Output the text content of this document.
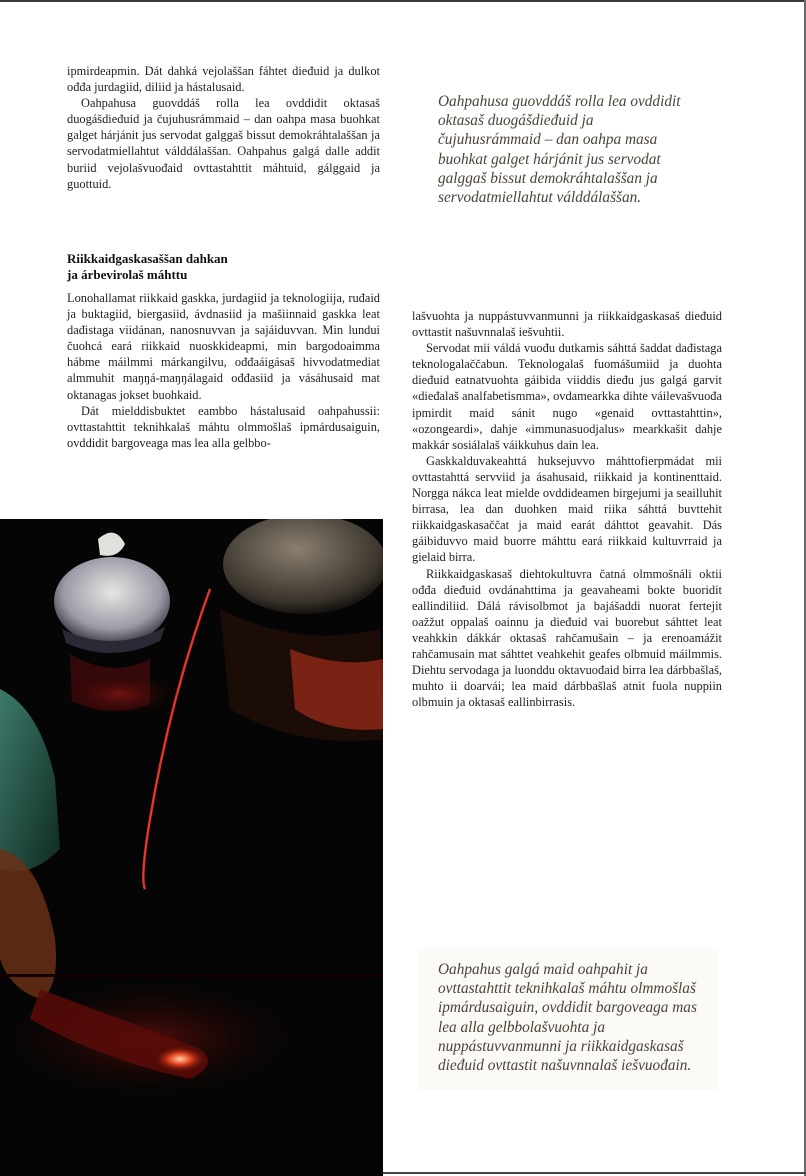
ipmirdeapmin. Dát dahká vejolaššan fáhtet dieđuid ja dulkot ođđa jurdagiid, diliid ja hástalusaid.

Oahpahusa guovddáš rolla lea ovddidit oktasaš duogášdieđuid ja čujuhusrámmaid – dan oahpa masa buohkat galget hárjánit jus servodat galggaš bissut demokráhtalaššan ja servodatmiellahtut válddálaššan. Oahpahus galgá dalle addit buriid vejolašvuođaid ovttastahttit máhtuid, gálggaid ja guottuid.

Oahpahusa guovddáš rolla lea ovddidit oktasaš duogášdieđuid ja čujuhusrámmaid – dan oahpa masa buohkat galget hárjánit jus servodat galggaš bissut demokráhtalaššan ja servodatmiellahtut válddálaššan.

Riikkaidgaskasaššan dahkan
ja árbevirolaš máhttu

Lonohallamat riikkaid gaskka, jurdagiid ja teknologiija, ruđaid ja buktagiid, biergasiid, ávdnasiid ja mašiinnaid gaskka leat dađistaga viidánan, nanosnuvvan ja sajáiduvvan. Min lundui čuohcá eará riikkaid nuoskkideapmi, min bargodoaimma hábme máilmmi márkangilvu, ođđaáigásaš hivvodatmediat almmuhit maŋŋá-maŋŋálagaid ođđasiid ja vásáhusaid mat oktanagas jokset buohkaid.

Dát mielddisbuktet eambbo hástalusaid oahpahussii: ovttastahttit teknihkalaš máhtu olmmošlaš ipmárdusaiguin, ovddidit bargoveaga mas lea alla gelbbo-

lašvuohta ja nuppástuvvanmunni ja riikkaidgaskasaš dieđuid ovttastit našuvnnalaš iešvuhtii.

Servodat mii váldá vuođu dutkamis sáhttá šaddat dađistaga teknologalaččabun. Teknologalaš fuomášumiid ja duohta dieđuid eatnatvuohta gáibida viiddis dieđu jus galgá garvit «dieđalaš analfabetismma», ovdamearkka dihte váilevašvuođa ipmirdit maid sánit nugo «genaid ovttastahttin», «ozongeardi», dahje «immunasuodjalus» mearkkašit dahje makkár sosiálalaš váikkuhus dain lea.

Gaskkalduvakeahttá huksejuvvo máhttofierpmádat mii ovttastahttá servviid ja ásahusaid, riikkaid ja kontinenttaid. Norgga nákca leat mielde ovddideamen birgejumi ja seailluhit birrasa, lea dan duohken maid riika sáhttá buvttehit riikkaidgaskasaččat ja maid earát dáhttot geavahit. Dás gáibiduvvo maid buorre máhttu eará riikkaid kultuvrraid ja gielaid birra.

Riikkaidgaskasaš diehtokultuvra čatná olmmošnáli oktii ođđa dieđuid ovdánahttima ja geavaheami bokte buoridit eallindiliid. Dálá rávisolbmot ja bajášaddi nuorat fertejit oažžut oppalaš oainnu ja dieđuid vai buorebut sáhttet leat veahkkin dákkár oktasaš rahčamušain – ja erenoamážit rahčamusain mat sáhttet veahkehit geafes olbmuid máilmmis. Diehtu servodaga ja luonddu oktavuođaid birra lea dárbbašlaš, muhto ii doarvái; lea maid dárbbašlaš atnit fuola nuppiin olbmuin ja oktasaš eallinbirrasis.

Oahpahus galgá maid oahpahit ja ovttastahttit teknihkalaš máhtu olmmošlaš ipmárdusaiguin, ovddidit bargoveaga mas lea alla gelbbolašvuohta ja nuppástuvvanmunni ja riikkaidgaskasaš dieđuid ovttastit našuvnnalaš iešvuođain.
